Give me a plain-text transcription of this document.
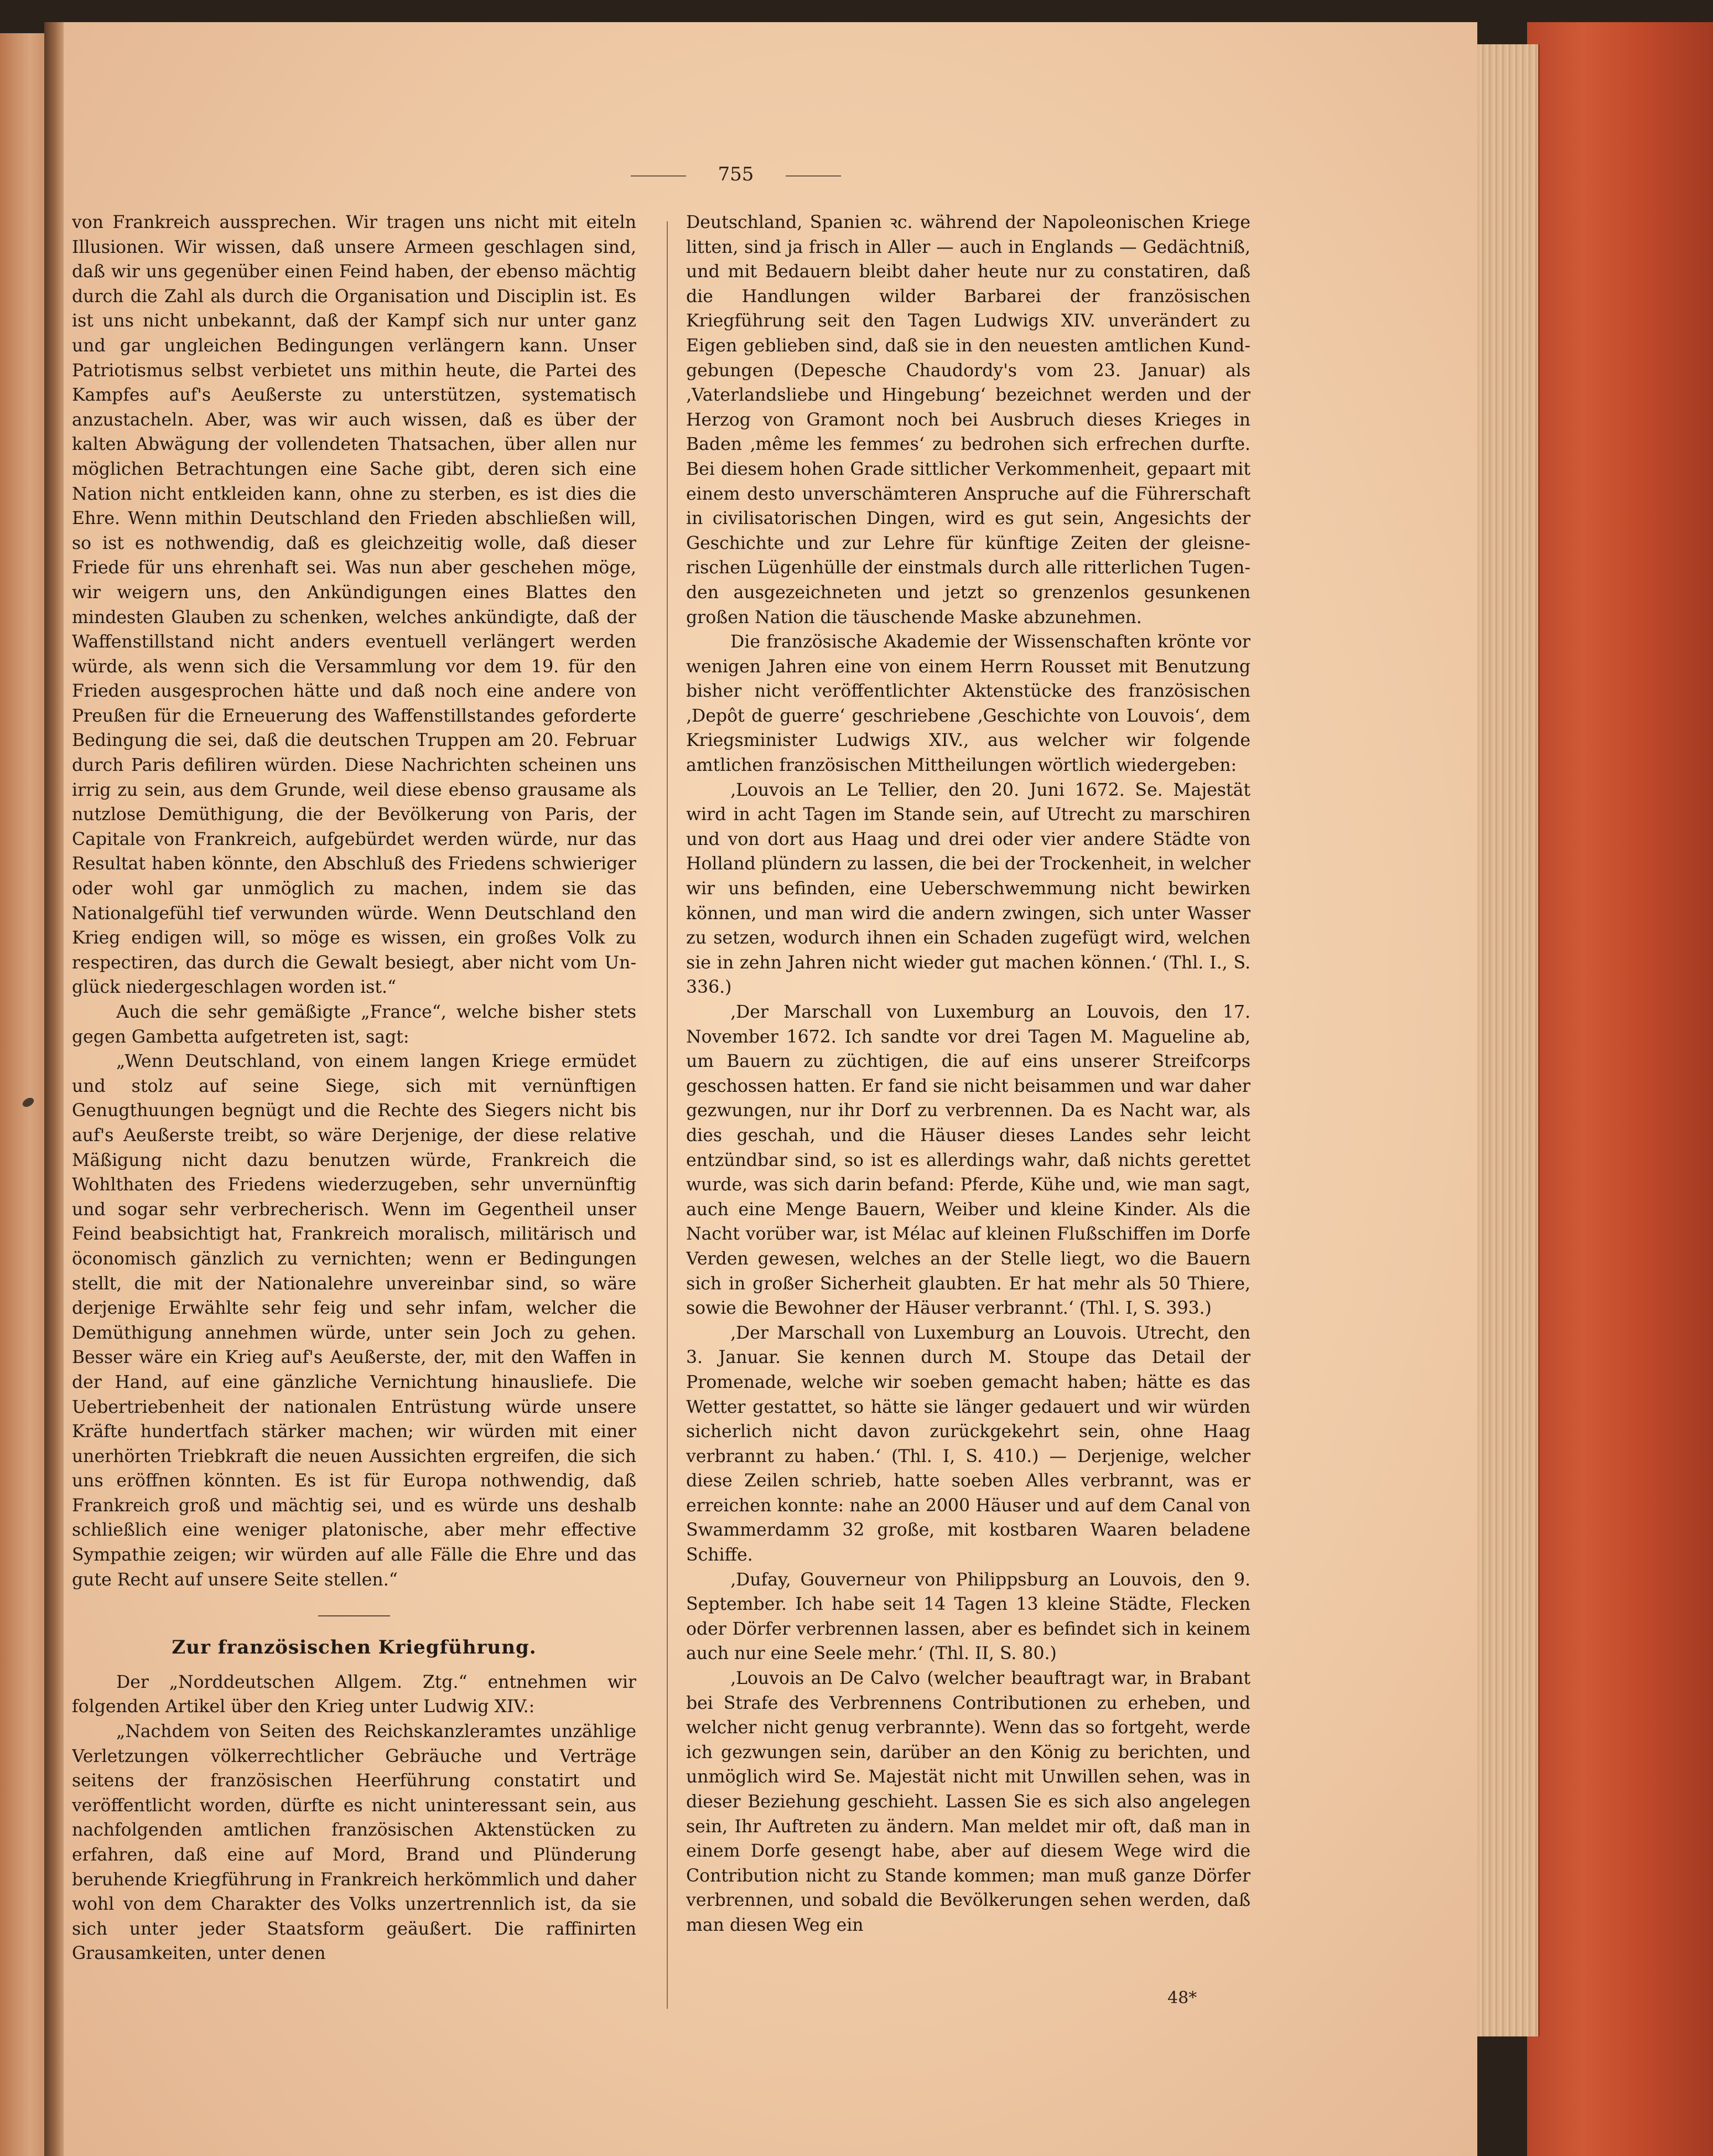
755

von Frankreich aussprechen. Wir tragen uns nicht mit eiteln Illusionen. Wir wissen, daß unsere Armeen geschlagen sind, daß wir uns gegenüber einen Feind haben, der ebenso mächtig durch die Zahl als durch die Organisation und Disciplin ist. Es ist uns nicht unbekannt, daß der Kampf sich nur unter ganz und gar ungleichen Bedingungen verlängern kann. Unser Patriotismus selbst verbietet uns mithin heute, die Partei des Kampfes auf's Aeußerste zu unterstützen, systematisch anzustacheln. Aber, was wir auch wissen, daß es über der kalten Abwägung der vollendeten Thatsachen, über allen nur möglichen Betrachtungen eine Sache gibt, deren sich eine Nation nicht entkleiden kann, ohne zu sterben, es ist dies die Ehre. Wenn mithin Deutschland den Frieden abschließen will, so ist es nothwendig, daß es gleichzeitig wolle, daß dieser Friede für uns ehrenhaft sei. Was nun aber geschehen möge, wir weigern uns, den Ankündigungen eines Blattes den mindesten Glauben zu schenken, welches ankündigte, daß der Waffenstillstand nicht anders eventuell verlängert werden würde, als wenn sich die Versammlung vor dem 19. für den Frieden ausgesprochen hätte und daß noch eine andere von Preußen für die Erneuerung des Waffenstillstandes geforderte Bedingung die sei, daß die deutschen Truppen am 20. Februar durch Paris defiliren würden. Diese Nachrichten scheinen uns irrig zu sein, aus dem Grunde, weil diese ebenso grausame als nutzlose Demüthigung, die der Bevölkerung von Paris, der Capitale von Frankreich, aufgebürdet werden würde, nur das Resultat haben könnte, den Abschluß des Friedens schwieriger oder wohl gar unmöglich zu machen, indem sie das Nationalgefühl tief verwunden würde. Wenn Deutschland den Krieg endigen will, so möge es wissen, ein großes Volk zu respectiren, das durch die Gewalt besiegt, aber nicht vom Unglück niedergeschlagen worden ist.“

Auch die sehr gemäßigte „France“, welche bisher stets gegen Gambetta aufgetreten ist, sagt:

„Wenn Deutschland, von einem langen Kriege ermüdet und stolz auf seine Siege, sich mit vernünftigen Genugthuungen begnügt und die Rechte des Siegers nicht bis auf's Aeußerste treibt, so wäre Derjenige, der diese relative Mäßigung nicht dazu benutzen würde, Frankreich die Wohlthaten des Friedens wiederzugeben, sehr unvernünftig und sogar sehr verbrecherisch. Wenn im Gegentheil unser Feind beabsichtigt hat, Frankreich moralisch, militärisch und öconomisch gänzlich zu vernichten; wenn er Bedingungen stellt, die mit der Nationalehre unvereinbar sind, so wäre derjenige Erwählte sehr feig und sehr infam, welcher die Demüthigung annehmen würde, unter sein Joch zu gehen. Besser wäre ein Krieg auf's Aeußerste, der, mit den Waffen in der Hand, auf eine gänzliche Vernichtung hinausliefe. Die Uebertriebenheit der nationalen Entrüstung würde unsere Kräfte hundertfach stärker machen; wir würden mit einer unerhörten Triebkraft die neuen Aussichten ergreifen, die sich uns eröffnen könnten. Es ist für Europa nothwendig, daß Frankreich groß und mächtig sei, und es würde uns deshalb schließlich eine weniger platonische, aber mehr effective Sympathie zeigen; wir würden auf alle Fälle die Ehre und das gute Recht auf unsere Seite stellen.“

Zur französischen Kriegführung.

Der „Norddeutschen Allgem. Ztg.“ entnehmen wir folgenden Artikel über den Krieg unter Ludwig XIV.:

„Nachdem von Seiten des Reichskanzleramtes unzählige Verletzungen völkerrechtlicher Gebräuche und Verträge seitens der französischen Heerführung constatirt und veröffentlicht worden, dürfte es nicht uninteressant sein, aus nachfolgenden amtlichen französischen Aktenstücken zu erfahren, daß eine auf Mord, Brand und Plünderung beruhende Kriegführung in Frankreich herkömmlich und daher wohl von dem Charakter des Volks unzertrennlich ist, da sie sich unter jeder Staatsform geäußert. Die raffinirten Grausamkeiten, unter denen

Deutschland, Spanien ꝛc. während der Napoleonischen Kriege litten, sind ja frisch in Aller — auch in Englands — Gedächtniß, und mit Bedauern bleibt daher heute nur zu constatiren, daß die Handlungen wilder Barbarei der französischen Kriegführung seit den Tagen Ludwigs XIV. unverändert zu Eigen geblieben sind, daß sie in den neuesten amtlichen Kundgebungen (Depesche Chaudordy's vom 23. Januar) als ‚Vaterlandsliebe und Hingebung‘ bezeichnet werden und der Herzog von Gramont noch bei Ausbruch dieses Krieges in Baden ‚même les femmes‘ zu bedrohen sich erfrechen durfte. Bei diesem hohen Grade sittlicher Verkommenheit, gepaart mit einem desto unverschämteren Anspruche auf die Führerschaft in civilisatorischen Dingen, wird es gut sein, Angesichts der Geschichte und zur Lehre für künftige Zeiten der gleisnerischen Lügenhülle der einstmals durch alle ritterlichen Tugenden ausgezeichneten und jetzt so grenzenlos gesunkenen großen Nation die täuschende Maske abzunehmen.

Die französische Akademie der Wissenschaften krönte vor wenigen Jahren eine von einem Herrn Rousset mit Benutzung bisher nicht veröffentlichter Aktenstücke des französischen ‚Depôt de guerre‘ geschriebene ‚Geschichte von Louvois‘, dem Kriegsminister Ludwigs XIV., aus welcher wir folgende amtlichen französischen Mittheilungen wörtlich wiedergeben:

‚Louvois an Le Tellier, den 20. Juni 1672. Se. Majestät wird in acht Tagen im Stande sein, auf Utrecht zu marschiren und von dort aus Haag und drei oder vier andere Städte von Holland plündern zu lassen, die bei der Trockenheit, in welcher wir uns befinden, eine Ueberschwemmung nicht bewirken können, und man wird die andern zwingen, sich unter Wasser zu setzen, wodurch ihnen ein Schaden zugefügt wird, welchen sie in zehn Jahren nicht wieder gut machen können.‘ (Thl. I., S. 336.)

‚Der Marschall von Luxemburg an Louvois, den 17. November 1672. Ich sandte vor drei Tagen M. Magueline ab, um Bauern zu züchtigen, die auf eins unserer Streifcorps geschossen hatten. Er fand sie nicht beisammen und war daher gezwungen, nur ihr Dorf zu verbrennen. Da es Nacht war, als dies geschah, und die Häuser dieses Landes sehr leicht entzündbar sind, so ist es allerdings wahr, daß nichts gerettet wurde, was sich darin befand: Pferde, Kühe und, wie man sagt, auch eine Menge Bauern, Weiber und kleine Kinder. Als die Nacht vorüber war, ist Mélac auf kleinen Flußschiffen im Dorfe Verden gewesen, welches an der Stelle liegt, wo die Bauern sich in großer Sicherheit glaubten. Er hat mehr als 50 Thiere, sowie die Bewohner der Häuser verbrannt.‘ (Thl. I, S. 393.)

‚Der Marschall von Luxemburg an Louvois. Utrecht, den 3. Januar. Sie kennen durch M. Stoupe das Detail der Promenade, welche wir soeben gemacht haben; hätte es das Wetter gestattet, so hätte sie länger gedauert und wir würden sicherlich nicht davon zurückgekehrt sein, ohne Haag verbrannt zu haben.‘ (Thl. I, S. 410.) — Derjenige, welcher diese Zeilen schrieb, hatte soeben Alles verbrannt, was er erreichen konnte: nahe an 2000 Häuser und auf dem Canal von Swammerdamm 32 große, mit kostbaren Waaren beladene Schiffe.

‚Dufay, Gouverneur von Philippsburg an Louvois, den 9. September. Ich habe seit 14 Tagen 13 kleine Städte, Flecken oder Dörfer verbrennen lassen, aber es befindet sich in keinem auch nur eine Seele mehr.‘ (Thl. II, S. 80.)

‚Louvois an De Calvo (welcher beauftragt war, in Brabant bei Strafe des Verbrennens Contributionen zu erheben, und welcher nicht genug verbrannte). Wenn das so fortgeht, werde ich gezwungen sein, darüber an den König zu berichten, und unmöglich wird Se. Majestät nicht mit Unwillen sehen, was in dieser Beziehung geschieht. Lassen Sie es sich also angelegen sein, Ihr Auftreten zu ändern. Man meldet mir oft, daß man in einem Dorfe gesengt habe, aber auf diesem Wege wird die Contribution nicht zu Stande kommen; man muß ganze Dörfer verbrennen, und sobald die Bevölkerungen sehen werden, daß man diesen Weg ein

48*
